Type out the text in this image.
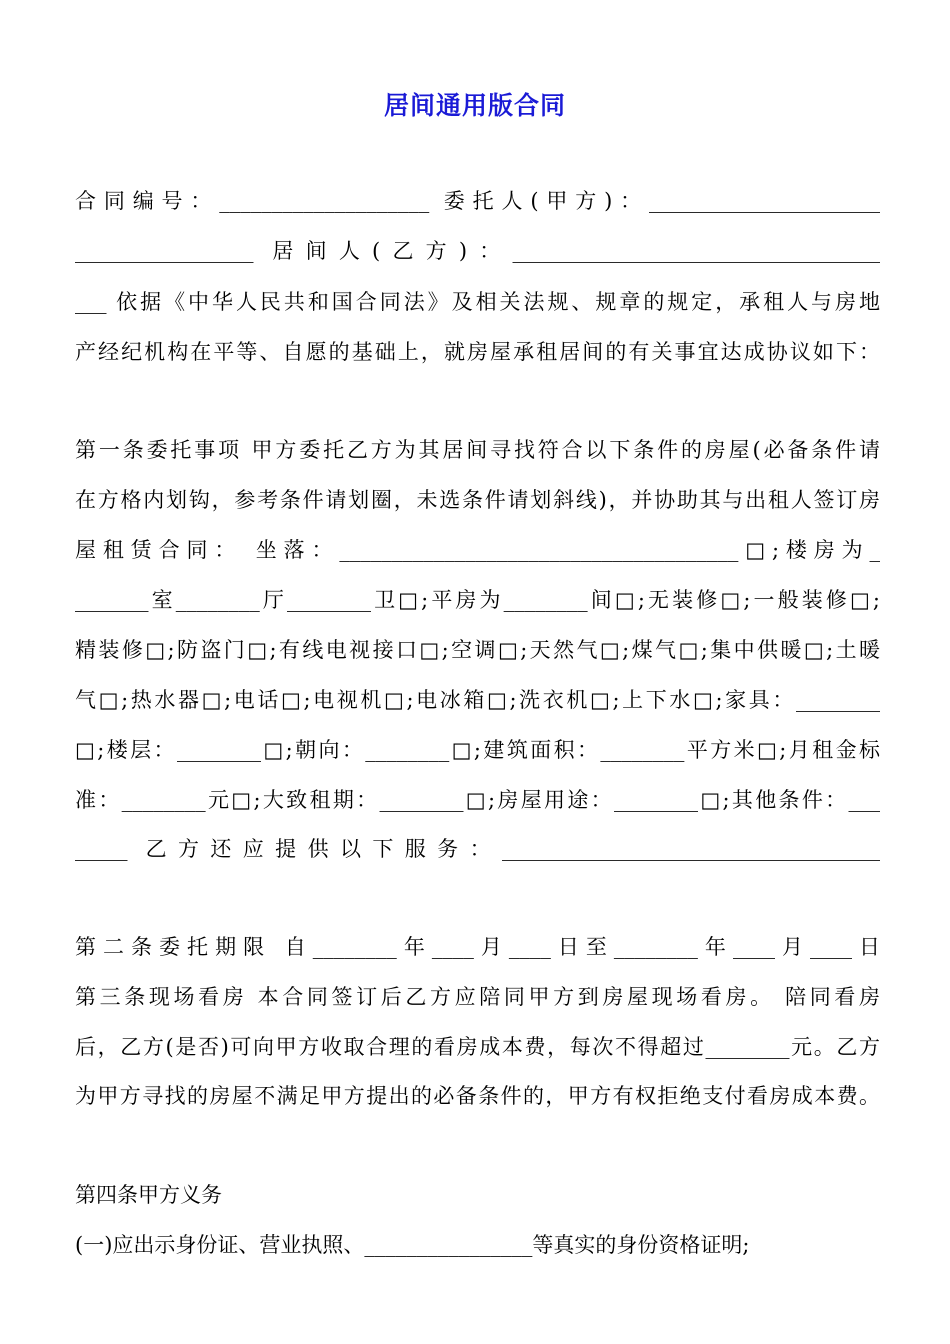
居间通用版合同
合同编号：____________________ 委托人(甲方)：______________________
_________________ 居间人(乙方)：___________________________________
___ 依据《中华人民共和国合同法》及相关法规、规章的规定，承租人与房地
产经纪机构在平等、自愿的基础上，就房屋承租居间的有关事宜达成协议如下：
第一条委托事项 甲方委托乙方为其居间寻找符合以下条件的房屋(必备条件请
在方格内划钩，参考条件请划圈，未选条件请划斜线)，并协助其与出租人签订房
屋租赁合同： 坐落：______________________________________□;楼房为_
_______室________厅________卫□;平房为________间□;无装修□;一般装修□;
精装修□;防盗门□;有线电视接口□;空调□;天然气□;煤气□;集中供暖□;土暖
气□;热水器□;电话□;电视机□;电冰箱□;洗衣机□;上下水□;家具：________
□;楼层：________□;朝向：________□;建筑面积：________平方米□;月租金标
准：________元□;大致租期：________□;房屋用途：________□;其他条件：___
_____ 乙方还应提供以下服务：____________________________________
第二条委托期限 自________年____月____日至________年____月____日
第三条现场看房 本合同签订后乙方应陪同甲方到房屋现场看房。 陪同看房
后，乙方(是否)可向甲方收取合理的看房成本费，每次不得超过________元。乙方
为甲方寻找的房屋不满足甲方提出的必备条件的，甲方有权拒绝支付看房成本费。
第四条甲方义务
(一)应出示身份证、营业执照、________________等真实的身份资格证明;
